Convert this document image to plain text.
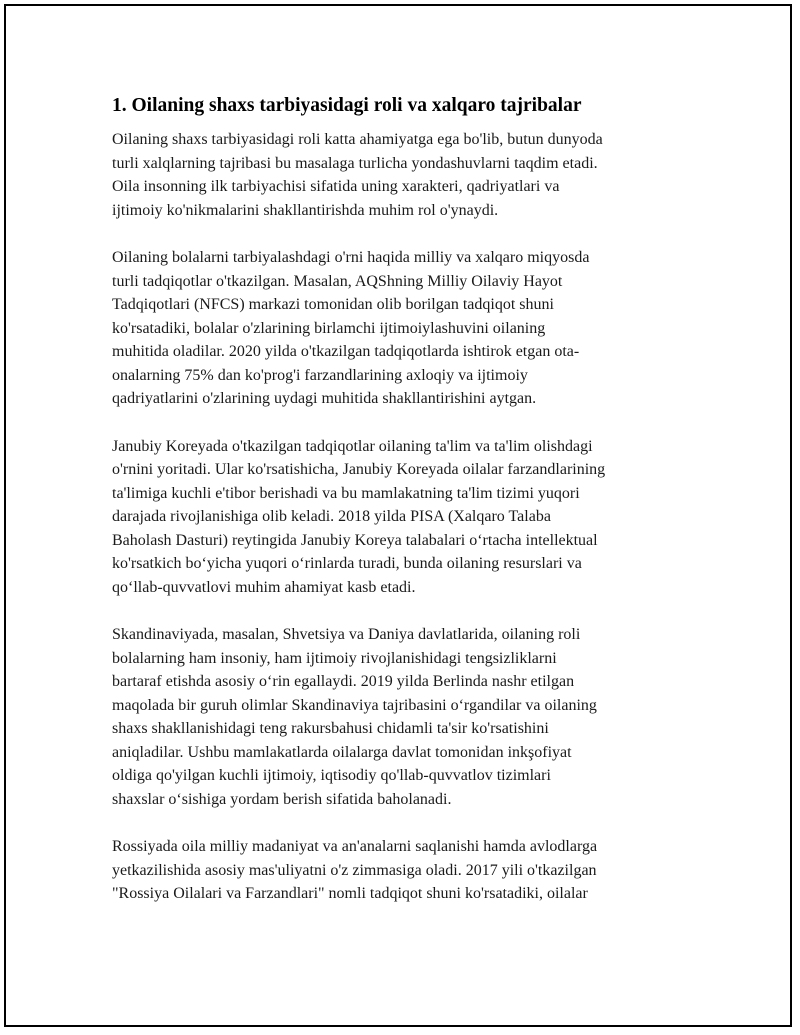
1. Oilaning shaxs tarbiyasidagi roli va xalqaro tajribalar
Oilaning shaxs tarbiyasidagi roli katta ahamiyatga ega bo'lib, butun dunyoda
turli xalqlarning tajribasi bu masalaga turlicha yondashuvlarni taqdim etadi.
Oila insonning ilk tarbiyachisi sifatida uning xarakteri, qadriyatlari va
ijtimoiy ko'nikmalarini shakllantirishda muhim rol o'ynaydi.
Oilaning bolalarni tarbiyalashdagi o'rni haqida milliy va xalqaro miqyosda
turli tadqiqotlar o'tkazilgan. Masalan, AQShning Milliy Oilaviy Hayot
Tadqiqotlari (NFCS) markazi tomonidan olib borilgan tadqiqot shuni
ko'rsatadiki, bolalar o'zlarining birlamchi ijtimoiylashuvini oilaning
muhitida oladilar. 2020 yilda o'tkazilgan tadqiqotlarda ishtirok etgan ota-
onalarning 75% dan ko'prog'i farzandlarining axloqiy va ijtimoiy
qadriyatlarini o'zlarining uydagi muhitida shakllantirishini aytgan.
Janubiy Koreyada o'tkazilgan tadqiqotlar oilaning ta'lim va ta'lim olishdagi
o'rnini yoritadi. Ular ko'rsatishicha, Janubiy Koreyada oilalar farzandlarining
ta'limiga kuchli e'tibor berishadi va bu mamlakatning ta'lim tizimi yuqori
darajada rivojlanishiga olib keladi. 2018 yilda PISA (Xalqaro Talaba
Baholash Dasturi) reytingida Janubiy Koreya talabalari o‘rtacha intellektual
ko'rsatkich bo‘yicha yuqori o‘rinlarda turadi, bunda oilaning resurslari va
qo‘llab-quvvatlovi muhim ahamiyat kasb etadi.
Skandinaviyada, masalan, Shvetsiya va Daniya davlatlarida, oilaning roli
bolalarning ham insoniy, ham ijtimoiy rivojlanishidagi tengsizliklarni
bartaraf etishda asosiy o‘rin egallaydi. 2019 yilda Berlinda nashr etilgan
maqolada bir guruh olimlar Skandinaviya tajribasini o‘rgandilar va oilaning
shaxs shakllanishidagi teng rakursbahusi chidamli ta'sir ko'rsatishini
aniqladilar. Ushbu mamlakatlarda oilalarga davlat tomonidan inkşofiyat
oldiga qo'yilgan kuchli ijtimoiy, iqtisodiy qo'llab-quvvatlov tizimlari
shaxslar o‘sishiga yordam berish sifatida baholanadi.
Rossiyada oila milliy madaniyat va an'analarni saqlanishi hamda avlodlarga
yetkazilishida asosiy mas'uliyatni o'z zimmasiga oladi. 2017 yili o'tkazilgan
"Rossiya Oilalari va Farzandlari" nomli tadqiqot shuni ko'rsatadiki, oilalar
